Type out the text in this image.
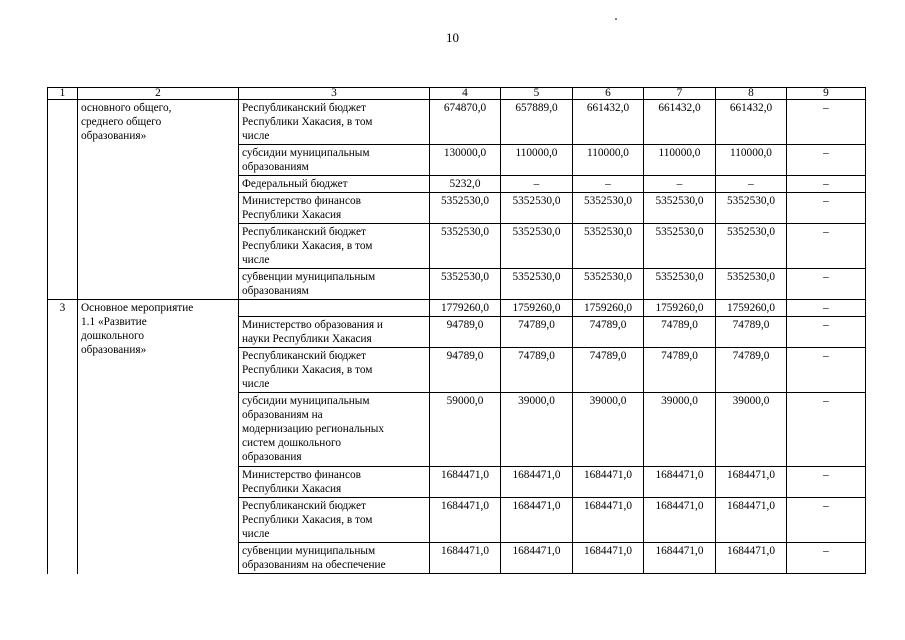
10
1	2	3	4	5	6	7	8	9
	основного общего,
среднего общего
образования»	Республиканский бюджет
Республики Хакасия, в том
числе	674870,0	657889,0	661432,0	661432,0	661432,0	–
		субсидии муниципальным
образованиям	130000,0	110000,0	110000,0	110000,0	110000,0	–
		Федеральный бюджет	5232,0	–	–	–	–	–
		Министерство финансов
Республики Хакасия	5352530,0	5352530,0	5352530,0	5352530,0	5352530,0	–
		Республиканский бюджет
Республики Хакасия, в том
числе	5352530,0	5352530,0	5352530,0	5352530,0	5352530,0	–
		субвенции муниципальным
образованиям	5352530,0	5352530,0	5352530,0	5352530,0	5352530,0	–
3	Основное мероприятие
1.1 «Развитие
дошкольного
образования»		1779260,0	1759260,0	1759260,0	1759260,0	1759260,0	–
		Министерство образования и
науки Республики Хакасия	94789,0	74789,0	74789,0	74789,0	74789,0	–
		Республиканский бюджет
Республики Хакасия, в том
числе	94789,0	74789,0	74789,0	74789,0	74789,0	–
		субсидии муниципальным
образованиям на
модернизацию региональных
систем дошкольного
образования	59000,0	39000,0	39000,0	39000,0	39000,0	–
		Министерство финансов
Республики Хакасия	1684471,0	1684471,0	1684471,0	1684471,0	1684471,0	–
		Республиканский бюджет
Республики Хакасия, в том
числе	1684471,0	1684471,0	1684471,0	1684471,0	1684471,0	–
		субвенции муниципальным
образованиям на обеспечение	1684471,0	1684471,0	1684471,0	1684471,0	1684471,0	–
